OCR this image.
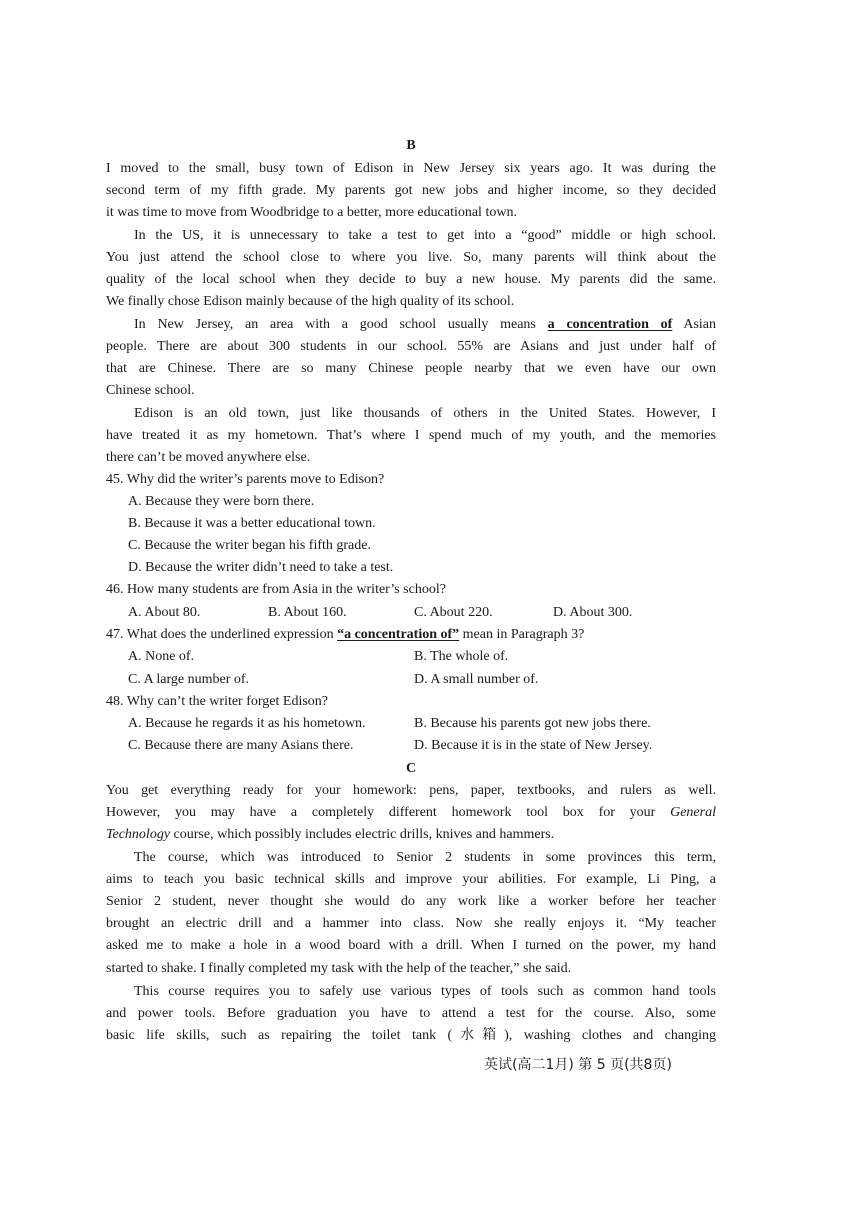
B
I moved to the small, busy town of Edison in New Jersey six years ago. It was during the
second term of my fifth grade. My parents got new jobs and higher income, so they decided
it was time to move from Woodbridge to a better, more educational town.
In the US, it is unnecessary to take a test to get into a “good” middle or high school.
You just attend the school close to where you live. So, many parents will think about the
quality of the local school when they decide to buy a new house. My parents did the same.
We finally chose Edison mainly because of the high quality of its school.
In New Jersey, an area with a good school usually means a concentration of Asian
people. There are about 300 students in our school. 55% are Asians and just under half of
that are Chinese. There are so many Chinese people nearby that we even have our own
Chinese school.
Edison is an old town, just like thousands of others in the United States. However, I
have treated it as my hometown. That’s where I spend much of my youth, and the memories
there can’t be moved anywhere else.
45. Why did the writer’s parents move to Edison?
A. Because they were born there.
B. Because it was a better educational town.
C. Because the writer began his fifth grade.
D. Because the writer didn’t need to take a test.
46. How many students are from Asia in the writer’s school?
A. About 80.	B. About 160.	C. About 220.	D. About 300.
47. What does the underlined expression “a concentration of” mean in Paragraph 3?
A. None of.	B. The whole of.
C. A large number of.	D. A small number of.
48. Why can’t the writer forget Edison?
A. Because he regards it as his hometown.	B. Because his parents got new jobs there.
C. Because there are many Asians there.	D. Because it is in the state of New Jersey.
C
You get everything ready for your homework: pens, paper, textbooks, and rulers as well.
However, you may have a completely different homework tool box for your General
Technology course, which possibly includes electric drills, knives and hammers.
The course, which was introduced to Senior 2 students in some provinces this term,
aims to teach you basic technical skills and improve your abilities. For example, Li Ping, a
Senior 2 student, never thought she would do any work like a worker before her teacher
brought an electric drill and a hammer into class. Now she really enjoys it. “My teacher
asked me to make a hole in a wood board with a drill. When I turned on the power, my hand
started to shake. I finally completed my task with the help of the teacher,” she said.
This course requires you to safely use various types of tools such as common hand tools
and power tools. Before graduation you have to attend a test for the course. Also, some
basic life skills, such as repairing the toilet tank (水箱), washing clothes and changing
英试(高二1月) 第 5 页(共8页)
